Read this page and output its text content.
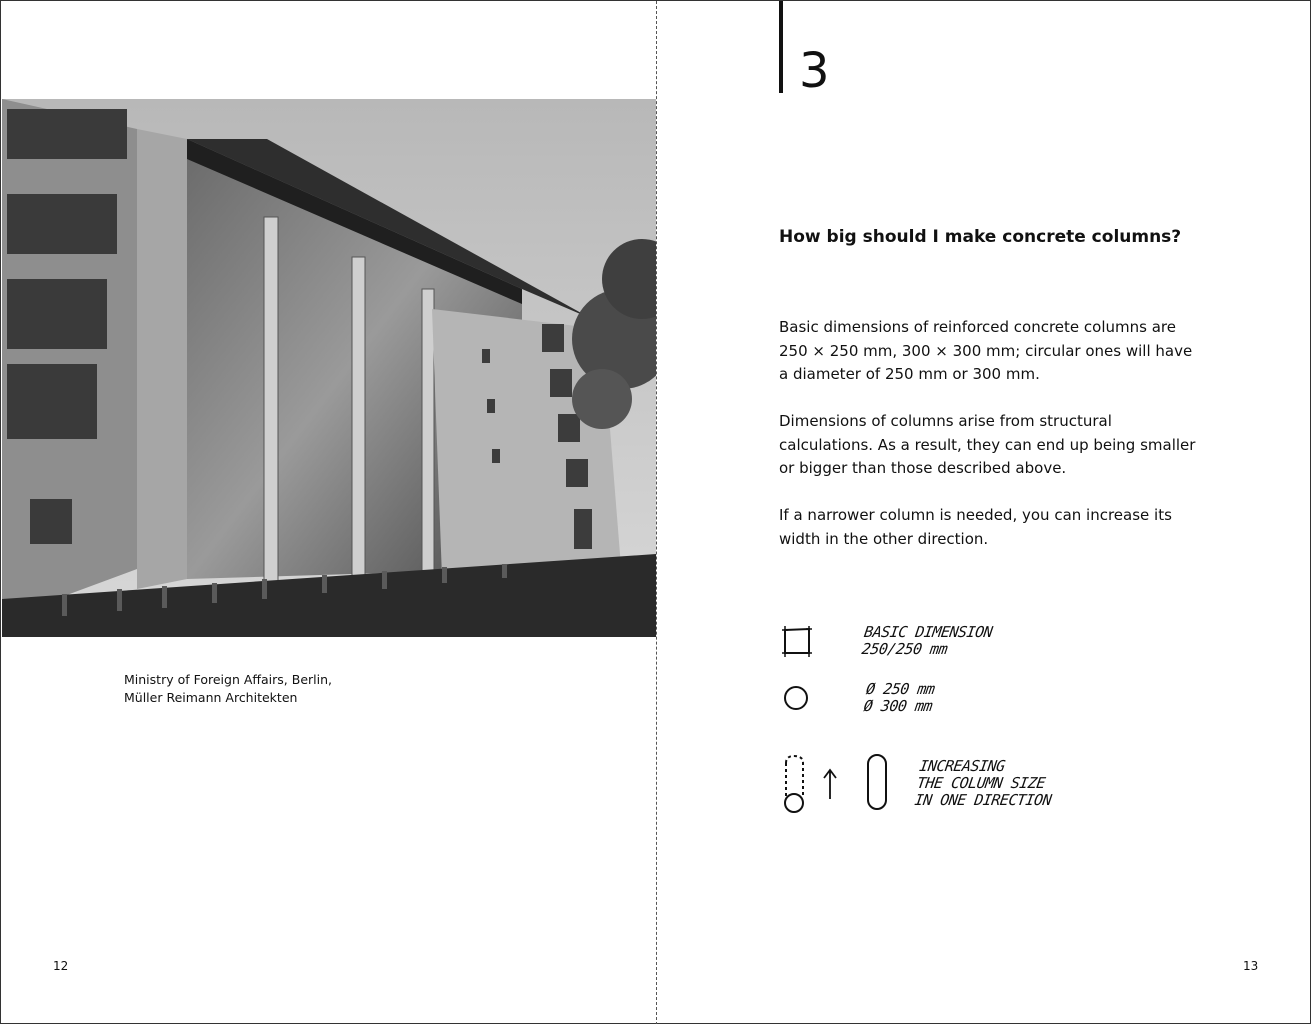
Ministry of Foreign Affairs, Berlin,
Müller Reimann Architekten
12
3
How big should I make concrete columns?

Basic dimensions of reinforced concrete columns are 250 × 250 mm, 300 × 300 mm; circular ones will have a diameter of 250 mm or 300 mm.

Dimensions of columns arise from structural calculations. As a result, they can end up being smaller or bigger than those described above.

If a narrower column is needed, you can increase its width in the other direction.

BASIC DIMENSION
250/250 mm
Ø 250 mm
Ø 300 mm
INCREASING
THE COLUMN SIZE
IN ONE DIRECTION
13
